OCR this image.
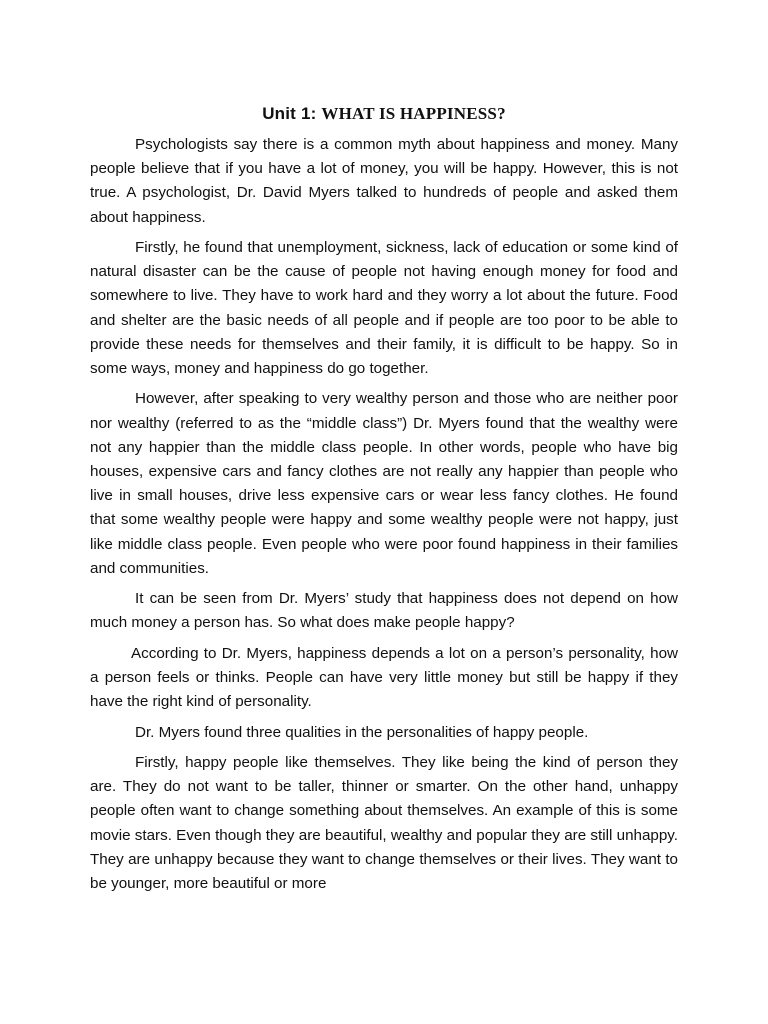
Unit 1: WHAT IS HAPPINESS?

Psychologists say there is a common myth about happiness and money. Many people believe that if you have a lot of money, you will be happy. However, this is not true. A psychologist, Dr. David Myers talked to hundreds of people and asked them about happiness.

Firstly, he found that unemployment, sickness, lack of education or some kind of natural disaster can be the cause of people not having enough money for food and somewhere to live. They have to work hard and they worry a lot about the future. Food and shelter are the basic needs of all people and if people are too poor to be able to provide these needs for themselves and their family, it is difficult to be happy. So in some ways, money and happiness do go together.

However, after speaking to very wealthy person and those who are neither poor nor wealthy (referred to as the “middle class”) Dr. Myers found that the wealthy were not any happier than the middle class people. In other words, people who have big houses, expensive cars and fancy clothes are not really any happier than people who live in small houses, drive less expensive cars or wear less fancy clothes. He found that some wealthy people were happy and some wealthy people were not happy, just like middle class people. Even people who were poor found happiness in their families and communities.

It can be seen from Dr. Myers’ study that happiness does not depend on how much money a person has. So what does make people happy?

According to Dr. Myers, happiness depends a lot on a person’s personality, how a person feels or thinks. People can have very little money but still be happy if they have the right kind of personality.

Dr. Myers found three qualities in the personalities of happy people.

Firstly, happy people like themselves. They like being the kind of person they are. They do not want to be taller, thinner or smarter. On the other hand, unhappy people often want to change something about themselves. An example of this is some movie stars. Even though they are beautiful, wealthy and popular they are still unhappy. They are unhappy because they want to change themselves or their lives. They want to be younger, more beautiful or more
